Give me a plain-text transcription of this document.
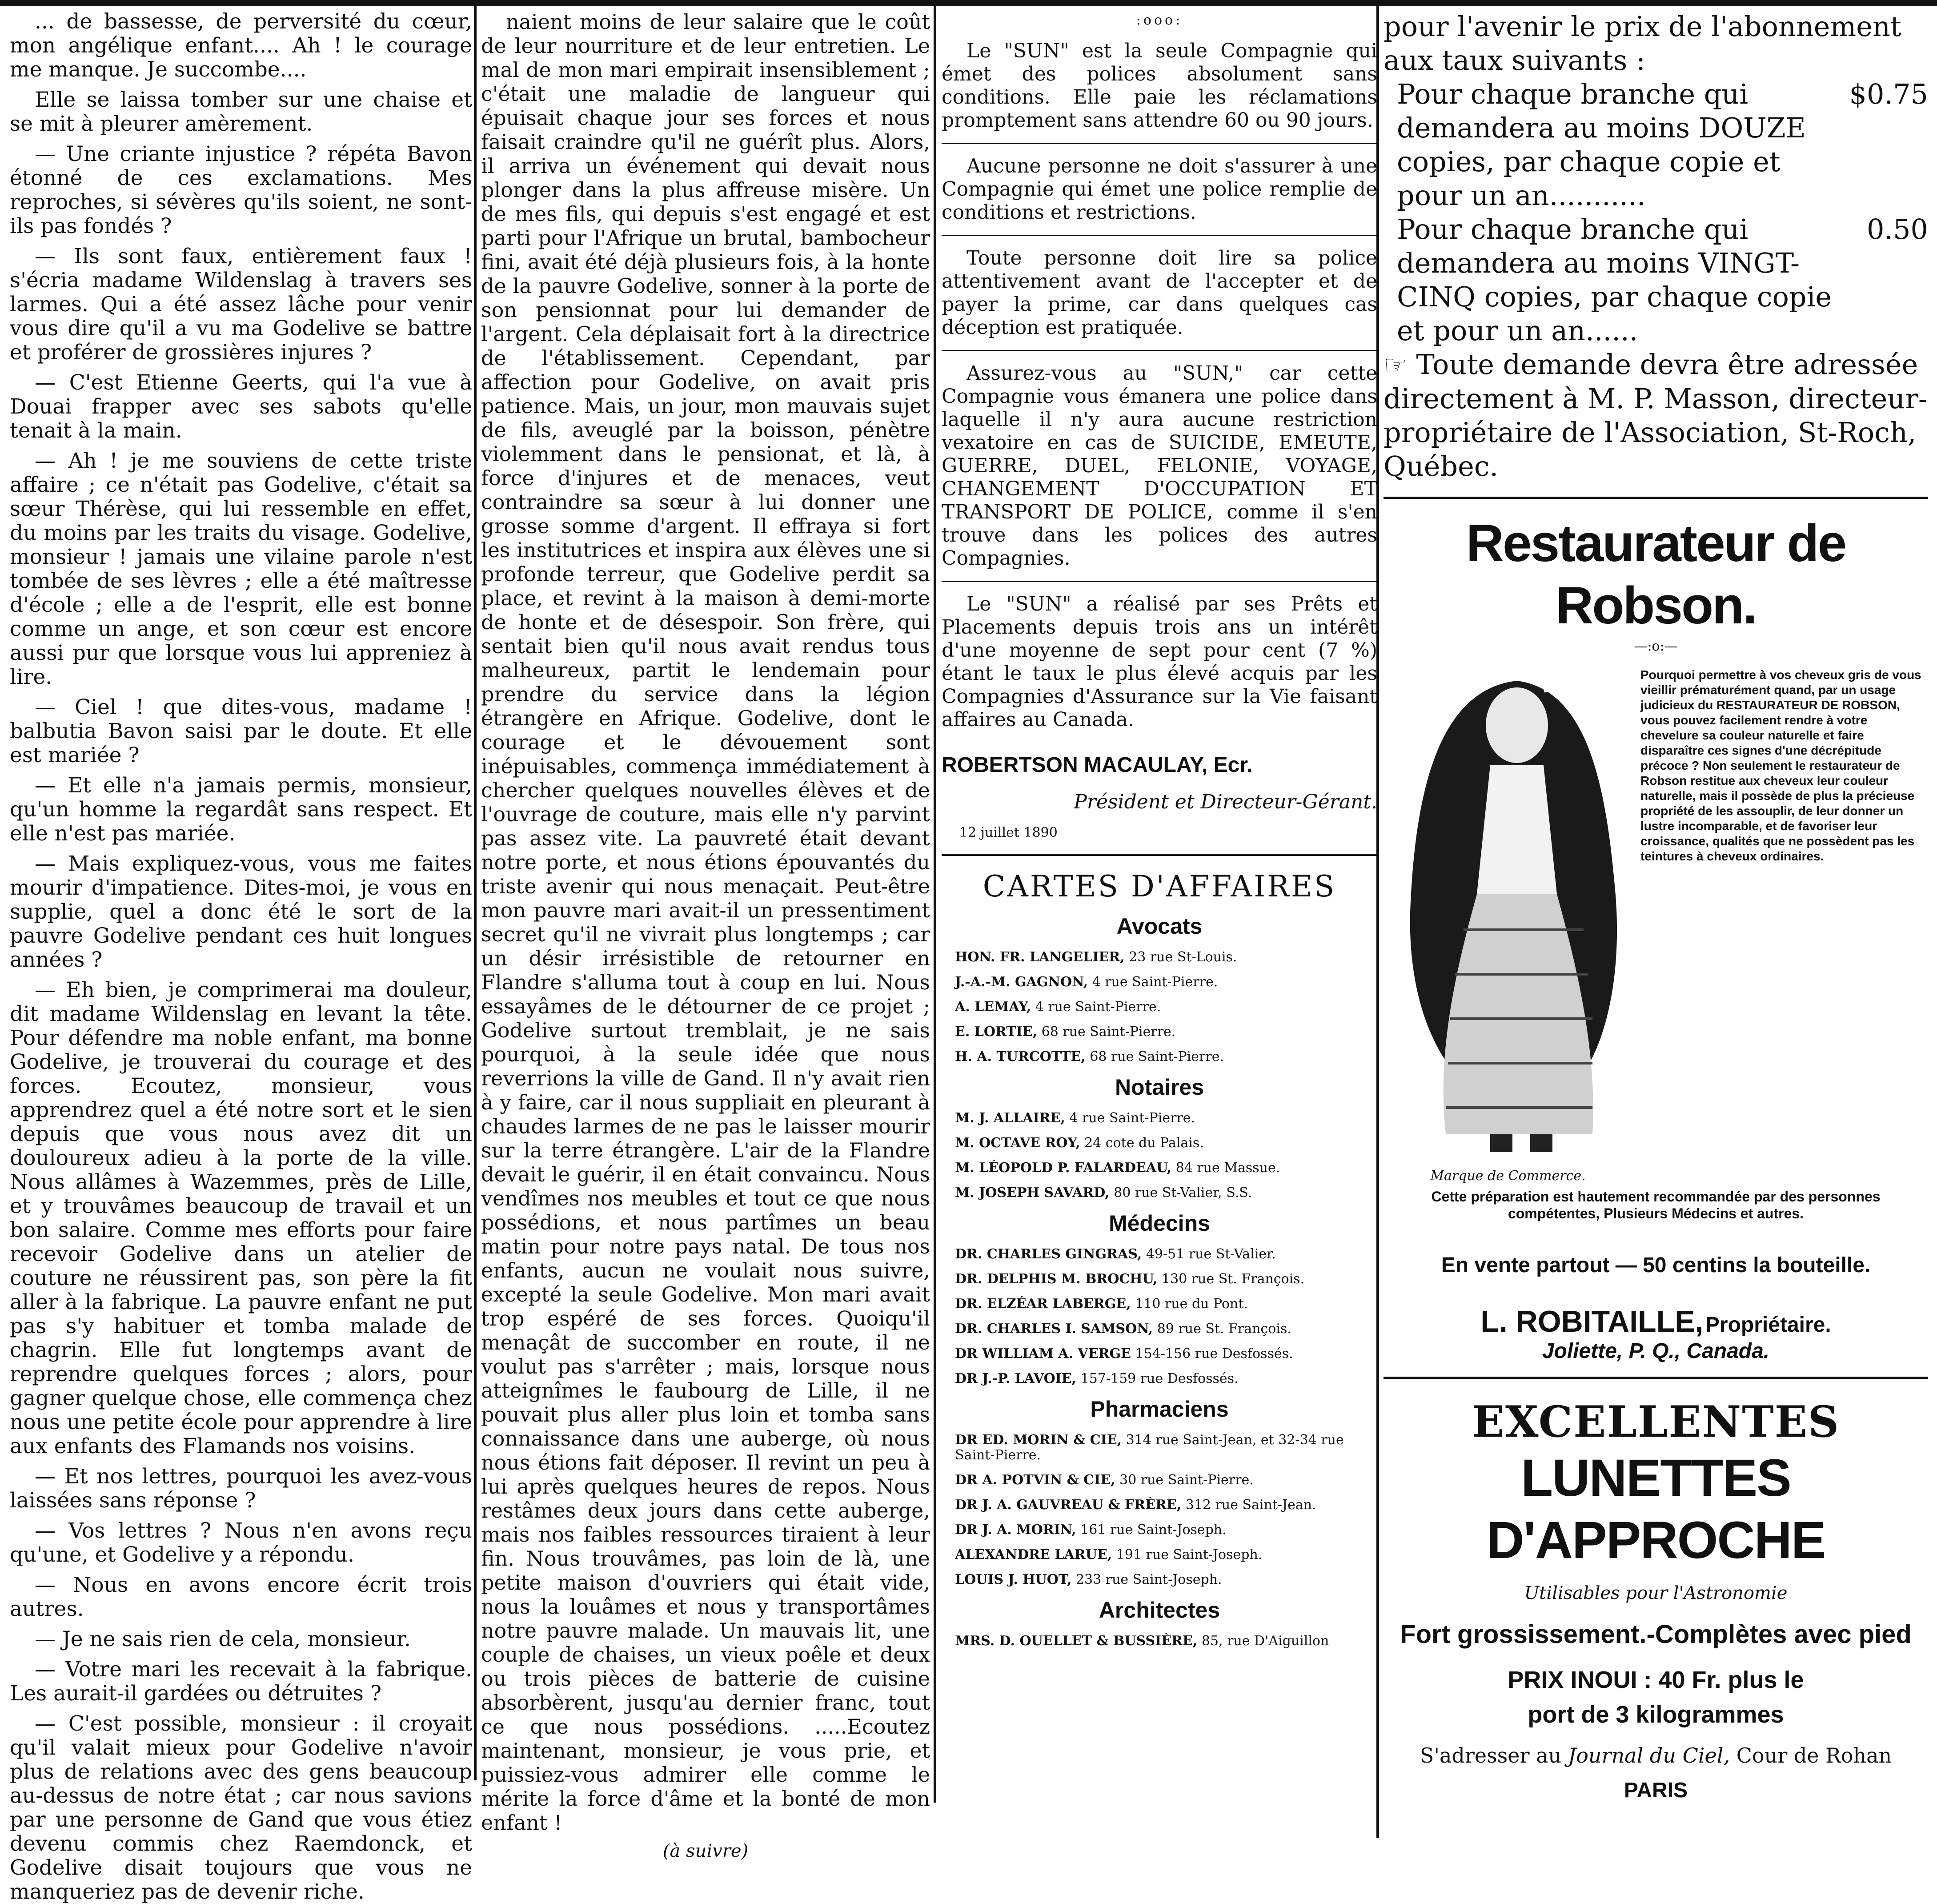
... de bassesse, de perversité du cœur, mon angélique enfant.... Ah ! le courage me manque. Je succombe....

Elle se laissa tomber sur une chaise et se mit à pleurer amèrement.

— Une criante injustice ? répéta Bavon étonné de ces exclamations. Mes reproches, si sévères qu'ils soient, ne sont-ils pas fondés ?

— Ils sont faux, entièrement faux ! s'écria madame Wildenslag à travers ses larmes. Qui a été assez lâche pour venir vous dire qu'il a vu ma Godelive se battre et proférer de grossières injures ?

— C'est Etienne Geerts, qui l'a vue à Douai frapper avec ses sabots qu'elle tenait à la main.

— Ah ! je me souviens de cette triste affaire ; ce n'était pas Godelive, c'était sa sœur Thérèse, qui lui ressemble en effet, du moins par les traits du visage. Godelive, monsieur ! jamais une vilaine parole n'est tombée de ses lèvres ; elle a été maîtresse d'école ; elle a de l'esprit, elle est bonne comme un ange, et son cœur est encore aussi pur que lorsque vous lui appreniez à lire.

— Ciel ! que dites-vous, madame ! balbutia Bavon saisi par le doute. Et elle est mariée ?

— Et elle n'a jamais permis, monsieur, qu'un homme la regardât sans respect. Et elle n'est pas mariée.

— Mais expliquez-vous, vous me faites mourir d'impatience. Dites-moi, je vous en supplie, quel a donc été le sort de la pauvre Godelive pendant ces huit longues années ?

— Eh bien, je comprimerai ma douleur, dit madame Wildenslag en levant la tête. Pour défendre ma noble enfant, ma bonne Godelive, je trouverai du courage et des forces. Ecoutez, monsieur, vous apprendrez quel a été notre sort et le sien depuis que vous nous avez dit un douloureux adieu à la porte de la ville. Nous allâmes à Wazemmes, près de Lille, et y trouvâmes beaucoup de travail et un bon salaire. Comme mes efforts pour faire recevoir Godelive dans un atelier de couture ne réussirent pas, son père la fit aller à la fabrique. La pauvre enfant ne put pas s'y habituer et tomba malade de chagrin. Elle fut longtemps avant de reprendre quelques forces ; alors, pour gagner quelque chose, elle commença chez nous une petite école pour apprendre à lire aux enfants des Flamands nos voisins.

— Et nos lettres, pourquoi les avez-vous laissées sans réponse ?

— Vos lettres ? Nous n'en avons reçu qu'une, et Godelive y a répondu.

— Nous en avons encore écrit trois autres.

— Je ne sais rien de cela, monsieur.

— Votre mari les recevait à la fabrique. Les aurait-il gardées ou détruites ?

— C'est possible, monsieur : il croyait qu'il valait mieux pour Godelive n'avoir plus de relations avec des gens beaucoup au-dessus de notre état ; car nous savions par une personne de Gand que vous étiez devenu commis chez Raemdonck, et Godelive disait toujours que vous ne manqueriez pas de devenir riche.

naient moins de leur salaire que le coût de leur nourriture et de leur entretien. Le mal de mon mari empirait insensiblement ; c'était une maladie de langueur qui épuisait chaque jour ses forces et nous faisait craindre qu'il ne guérît plus. Alors, il arriva un événement qui devait nous plonger dans la plus affreuse misère. Un de mes fils, qui depuis s'est engagé et est parti pour l'Afrique un brutal, bambocheur fini, avait été déjà plusieurs fois, à la honte de la pauvre Godelive, sonner à la porte de son pensionnat pour lui demander de l'argent. Cela déplaisait fort à la directrice de l'établissement. Cependant, par affection pour Godelive, on avait pris patience. Mais, un jour, mon mauvais sujet de fils, aveuglé par la boisson, pénètre violemment dans le pensionat, et là, à force d'injures et de menaces, veut contraindre sa sœur à lui donner une grosse somme d'argent. Il effraya si fort les institutrices et inspira aux élèves une si profonde terreur, que Godelive perdit sa place, et revint à la maison à demi-morte de honte et de désespoir. Son frère, qui sentait bien qu'il nous avait rendus tous malheureux, partit le lendemain pour prendre du service dans la légion étrangère en Afrique. Godelive, dont le courage et le dévouement sont inépuisables, commença immédiatement à chercher quelques nouvelles élèves et de l'ouvrage de couture, mais elle n'y parvint pas assez vite. La pauvreté était devant notre porte, et nous étions épouvantés du triste avenir qui nous menaçait. Peut-être mon pauvre mari avait-il un pressentiment secret qu'il ne vivrait plus longtemps ; car un désir irrésistible de retourner en Flandre s'alluma tout à coup en lui. Nous essayâmes de le détourner de ce projet ; Godelive surtout tremblait, je ne sais pourquoi, à la seule idée que nous reverrions la ville de Gand. Il n'y avait rien à y faire, car il nous suppliait en pleurant à chaudes larmes de ne pas le laisser mourir sur la terre étrangère. L'air de la Flandre devait le guérir, il en était convaincu. Nous vendîmes nos meubles et tout ce que nous possédions, et nous partîmes un beau matin pour notre pays natal. De tous nos enfants, aucun ne voulait nous suivre, excepté la seule Godelive. Mon mari avait trop espéré de ses forces. Quoiqu'il menaçât de succomber en route, il ne voulut pas s'arrêter ; mais, lorsque nous atteignîmes le faubourg de Lille, il ne pouvait plus aller plus loin et tomba sans connaissance dans une auberge, où nous nous étions fait déposer. Il revint un peu à lui après quelques heures de repos. Nous restâmes deux jours dans cette auberge, mais nos faibles ressources tiraient à leur fin. Nous trouvâmes, pas loin de là, une petite maison d'ouvriers qui était vide, nous la louâmes et nous y transportâmes notre pauvre malade. Un mauvais lit, une couple de chaises, un vieux poêle et deux ou trois pièces de batterie de cuisine absorbèrent, jusqu'au dernier franc, tout ce que nous possédions. .....Ecoutez maintenant, monsieur, je vous prie, et puissiez-vous admirer elle comme le mérite la force d'âme et la bonté de mon enfant !

(à suivre)
:ooo:

Le "SUN" est la seule Compagnie qui émet des polices absolument sans conditions. Elle paie les réclamations promptement sans attendre 60 ou 90 jours.

Aucune personne ne doit s'assurer à une Compagnie qui émet une police remplie de conditions et restrictions.

Toute personne doit lire sa police attentivement avant de l'accepter et de payer la prime, car dans quelques cas déception est pratiquée.

Assurez-vous au "SUN," car cette Compagnie vous émanera une police dans laquelle il n'y aura aucune restriction vexatoire en cas de SUICIDE, EMEUTE, GUERRE, DUEL, FELONIE, VOYAGE, CHANGEMENT D'OCCUPATION ET TRANSPORT DE POLICE, comme il s'en trouve dans les polices des autres Compagnies.

Le "SUN" a réalisé par ses Prêts et Placements depuis trois ans un intérêt d'une moyenne de sept pour cent (7 %) étant le taux le plus élevé acquis par les Compagnies d'Assurance sur la Vie faisant affaires au Canada.

ROBERTSON MACAULAY, Ecr.
Président et Directeur-Gérant.
12 juillet 1890
CARTES D'AFFAIRES
Avocats
HON. FR. LANGELIER, 23 rue St-Louis.
J.-A.-M. GAGNON, 4 rue Saint-Pierre.
A. LEMAY, 4 rue Saint-Pierre.
E. LORTIE, 68 rue Saint-Pierre.
H. A. TURCOTTE, 68 rue Saint-Pierre.
Notaires
M. J. ALLAIRE, 4 rue Saint-Pierre.
M. OCTAVE ROY, 24 cote du Palais.
M. LÉOPOLD P. FALARDEAU, 84 rue Massue.
M. JOSEPH SAVARD, 80 rue St-Valier, S.S.
Médecins
DR. CHARLES GINGRAS, 49-51 rue St-Valier.
DR. DELPHIS M. BROCHU, 130 rue St. François.
DR. ELZÉAR LABERGE, 110 rue du Pont.
DR. CHARLES I. SAMSON, 89 rue St. François.
DR WILLIAM A. VERGE 154-156 rue Desfossés.
DR J.-P. LAVOIE, 157-159 rue Desfossés.
Pharmaciens
DR ED. MORIN & CIE, 314 rue Saint-Jean, et 32-34 rue Saint-Pierre.
DR A. POTVIN & CIE, 30 rue Saint-Pierre.
DR J. A. GAUVREAU & FRÈRE, 312 rue Saint-Jean.
DR J. A. MORIN, 161 rue Saint-Joseph.
ALEXANDRE LARUE, 191 rue Saint-Joseph.
LOUIS J. HUOT, 233 rue Saint-Joseph.
Architectes
MRS. D. OUELLET & BUSSIÈRE, 85, rue D'Aiguillon
pour l'avenir le prix de l'abonnement aux taux suivants :
Pour chaque branche qui demandera au moins DOUZE copies, par chaque copie et pour un an...........
$0.75
Pour chaque branche qui demandera au moins VINGT-CINQ copies, par chaque copie et pour un an......
0.50
☞ Toute demande devra être adressée directement à M. P. Masson, directeur-propriétaire de l'Association, St-Roch, Québec.
Restaurateur de Robson.
—:o:—
Marque de Commerce.
Pourquoi permettre à vos cheveux gris de vous vieillir prématurément quand, par un usage judicieux du RESTAURATEUR DE ROBSON, vous pouvez facilement rendre à votre chevelure sa couleur naturelle et faire disparaître ces signes d'une décrépitude précoce ? Non seulement le restaurateur de Robson restitue aux cheveux leur couleur naturelle, mais il possède de plus la précieuse propriété de les assouplir, de leur donner un lustre incomparable, et de favoriser leur croissance, qualités que ne possèdent pas les teintures à cheveux ordinaires.
Cette préparation est hautement recommandée par des personnes compétentes, Plusieurs Médecins et autres.
En vente partout — 50 centins la bouteille.
L. ROBITAILLE, Propriétaire.
Joliette, P. Q., Canada.
EXCELLENTES
LUNETTES D'APPROCHE
Utilisables pour l'Astronomie
Fort grossissement.-Complètes avec pied
PRIX INOUI : 40 Fr. plus le
port de 3 kilogrammes
S'adresser au Journal du Ciel, Cour de Rohan
PARIS
